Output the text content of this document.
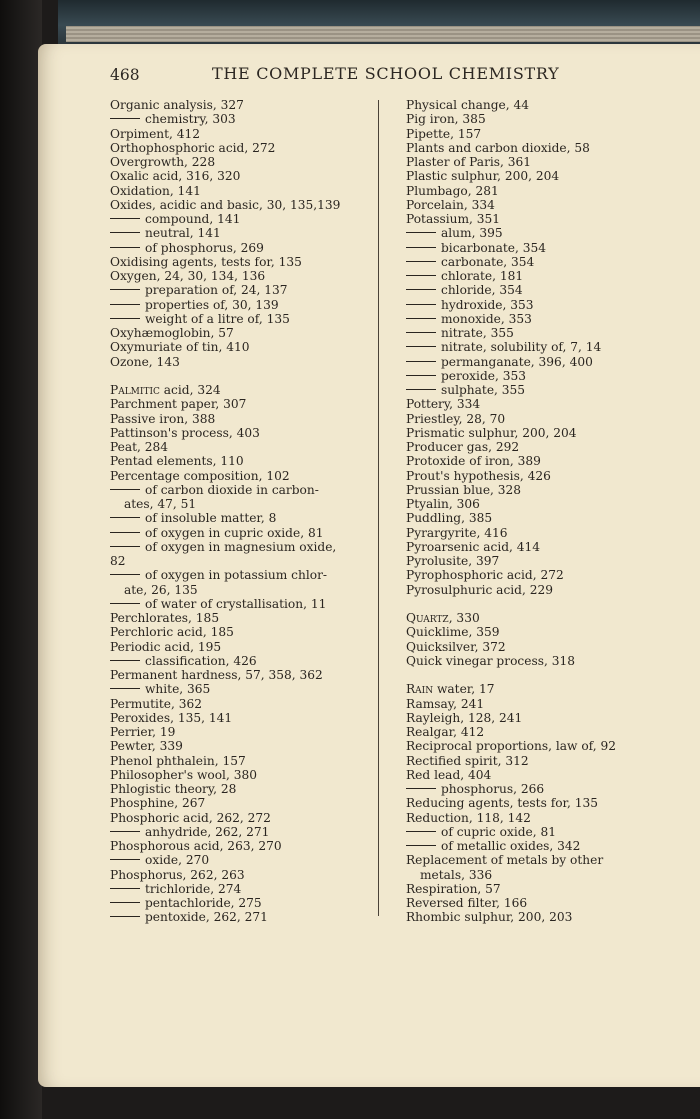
468	THE COMPLETE SCHOOL CHEMISTRY
Organic analysis, 327
chemistry, 303
Orpiment, 412
Orthophosphoric acid, 272
Overgrowth, 228
Oxalic acid, 316, 320
Oxidation, 141
Oxides, acidic and basic, 30, 135,139
compound, 141
neutral, 141
of phosphorus, 269
Oxidising agents, tests for, 135
Oxygen, 24, 30, 134, 136
preparation of, 24, 137
properties of, 30, 139
weight of a litre of, 135
Oxyhæmoglobin, 57
Oxymuriate of tin, 410
Ozone, 143
Palmitic acid, 324
Parchment paper, 307
Passive iron, 388
Pattinson's process, 403
Peat, 284
Pentad elements, 110
Percentage composition, 102
of carbon dioxide in carbon-
ates, 47, 51
of insoluble matter, 8
of oxygen in cupric oxide, 81
of oxygen in magnesium oxide,
82
of oxygen in potassium chlor-
ate, 26, 135
of water of crystallisation, 11
Perchlorates, 185
Perchloric acid, 185
Periodic acid, 195
classification, 426
Permanent hardness, 57, 358, 362
white, 365
Permutite, 362
Peroxides, 135, 141
Perrier, 19
Pewter, 339
Phenol phthalein, 157
Philosopher's wool, 380
Phlogistic theory, 28
Phosphine, 267
Phosphoric acid, 262, 272
anhydride, 262, 271
Phosphorous acid, 263, 270
oxide, 270
Phosphorus, 262, 263
trichloride, 274
pentachloride, 275
pentoxide, 262, 271
Physical change, 44
Pig iron, 385
Pipette, 157
Plants and carbon dioxide, 58
Plaster of Paris, 361
Plastic sulphur, 200, 204
Plumbago, 281
Porcelain, 334
Potassium, 351
alum, 395
bicarbonate, 354
carbonate, 354
chlorate, 181
chloride, 354
hydroxide, 353
monoxide, 353
nitrate, 355
nitrate, solubility of, 7, 14
permanganate, 396, 400
peroxide, 353
sulphate, 355
Pottery, 334
Priestley, 28, 70
Prismatic sulphur, 200, 204
Producer gas, 292
Protoxide of iron, 389
Prout's hypothesis, 426
Prussian blue, 328
Ptyalin, 306
Puddling, 385
Pyrargyrite, 416
Pyroarsenic acid, 414
Pyrolusite, 397
Pyrophosphoric acid, 272
Pyrosulphuric acid, 229
Quartz, 330
Quicklime, 359
Quicksilver, 372
Quick vinegar process, 318
Rain water, 17
Ramsay, 241
Rayleigh, 128, 241
Realgar, 412
Reciprocal proportions, law of, 92
Rectified spirit, 312
Red lead, 404
phosphorus, 266
Reducing agents, tests for, 135
Reduction, 118, 142
of cupric oxide, 81
of metallic oxides, 342
Replacement of metals by other
metals, 336
Respiration, 57
Reversed filter, 166
Rhombic sulphur, 200, 203
